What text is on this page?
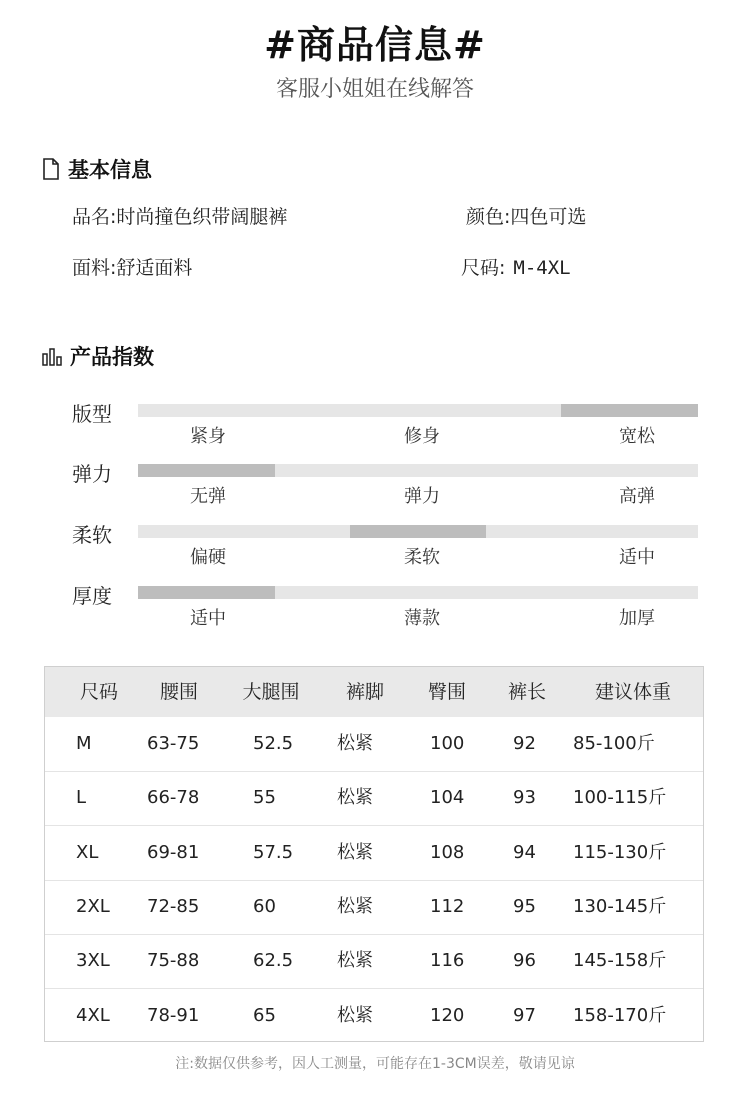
#商品信息#
客服小姐姐在线解答
基本信息
品名:时尚撞色织带阔腿裤	颜色:四色可选
面料:舒适面料	尺码: M-4XL
产品指数
版型
紧身	修身	宽松
弹力
无弹	弹力	高弹
柔软
偏硬	柔软	适中
厚度
适中	薄款	加厚
尺码	腰围	大腿围	裤脚	臀围	裤长	建议体重
M	63-75	52.5 松紧	100	92 85-100斤
L	66-78	55	松紧	104	93 100-115斤
XL	69-81	57.5 松紧	108	94 115-130斤
2XL 72-85	60	松紧	112	95 130-145斤
3XL 75-88	62.5 松紧	116	96 145-158斤
4XL 78-91	65	松紧	120	97 158-170斤
注:数据仅供参考，因人工测量，可能存在1-3CM误差，敬请见谅
